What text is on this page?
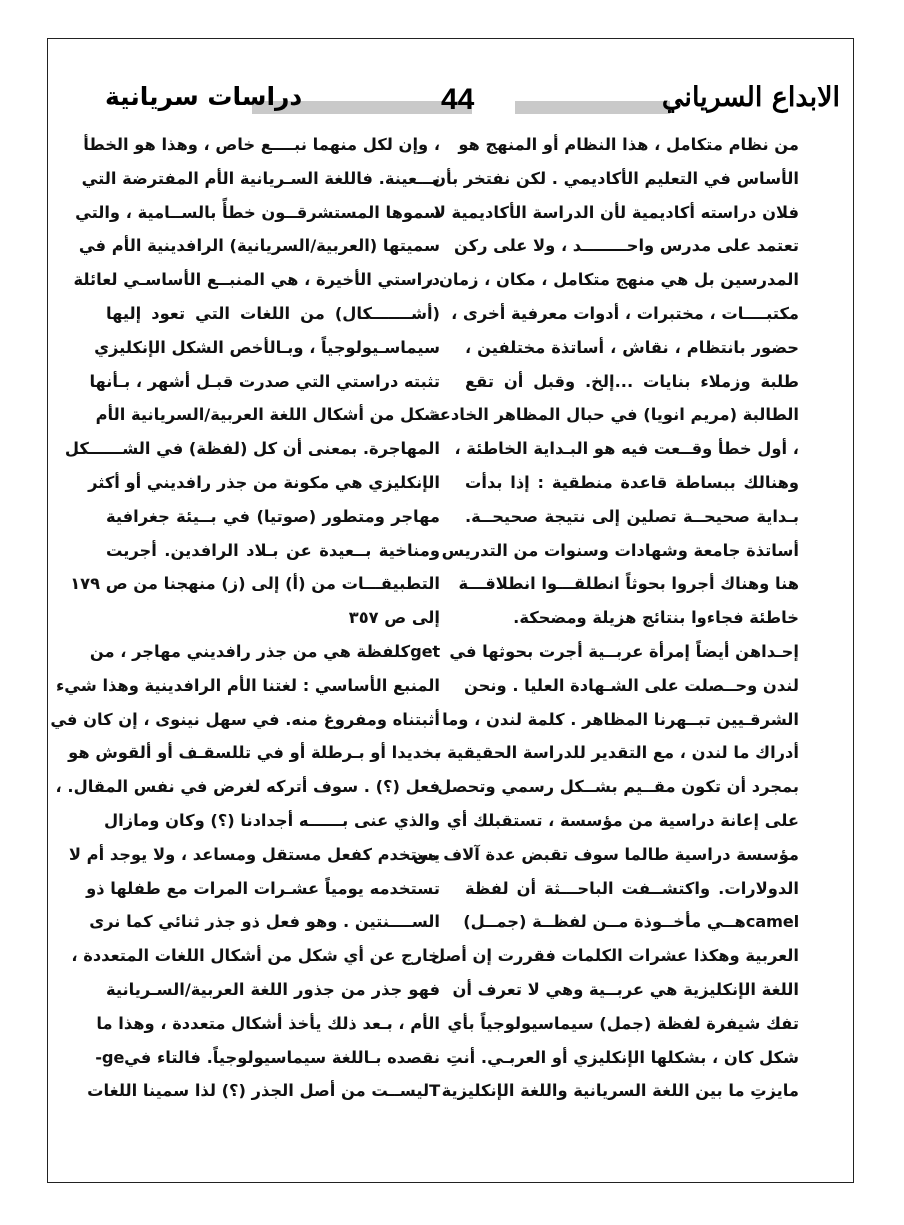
الابداع السرياني
44
دراسات سريانية
من نظام متكامل ، هذا النظام أو المنهج هو
الأساس في التعليم الأكاديمي . لكن نفتخر بأن
فلان دراسته أكاديمية لأن الدراسة الأكاديمية لا
تعتمد على مدرس واحــــــــد ، ولا على ركن
المدرسين بل هي منهج متكامل ، مكان ، زمان ،
مكتبــــات ، مختبرات ، أدوات معرفية أخرى ،
حضور بانتظام ، نقاش ، أساتذة مختلفين ،
طلبة وزملاء بنايات ...إلخ. وقبل أن تقع
الطالبة (مريم انويا) في حبال المظاهر الخادعة
، أول خطأ وقــعت فيه هو البـداية الخاطئة ،
وهنالك ببساطة قاعدة منطقية : إذا بدأت
بـداية صحيحــة تصلين إلى نتيجة صحيحــة.
أساتذة جامعة وشهادات وسنوات من التدريس
هنا وهناك أجروا بحوثاً انطلقـــوا انطلاقـــة
خاطئة فجاءوا بنتائج هزيلة ومضحكة.
إحـداهن أيضاً إمرأة عربــية أجرت بحوثها في
لندن وحــصلت على الشـهادة العليا . ونحن
الشرقـيين تبــهرنا المظاهر . كلمة لندن ، وما
أدراك ما لندن ، مع التقدير للدراسة الحقيقية ،
بمجرد أن تكون مقــيم بشــكل رسمي وتحصل
على إعانة دراسية من مؤسسة ، تستقبلك أي
مؤسسة دراسية طالما سوف تقبض عدة آلاف من
الدولارات. واكتشــفت الباحـــثة أن لفظة
camelهــي مأخــوذة مــن لفظــة (جمــل)
العربية وهكذا عشرات الكلمات فقررت إن أصل
اللغة الإنكليزية هي عربــية وهي لا تعرف أن
تفك شيفرة لفظة (جمل) سيماسيولوجياً بأي
شكل كان ، بشكلها الإنكليزي أو العربـي. أنتِ
مايزتِ ما بين اللغة السريانية واللغة الإنكليزية
، وإن لكل منهما نبــــع خاص ، وهذا هو الخطأ
بـــعينة. فاللغة السـريانية الأم المفترضة التي
سموها المستشرقــون خطأً بالســامية ، والتي
سميتها (العربية/السريانية) الرافدينية الأم في
دراستي الأخيرة ، هي المنبــع الأساسـي لعائلة
(أشـــــــكال) من اللغات التي تعود إليها
سيماسـيولوجياً ، وبـالأخص الشكل الإنكليزي
تثبته دراستي التي صدرت قبـل أشهر ، بـأنها
شكل من أشكال اللغة العربية/السريانية الأم
المهاجرة. بمعنى أن كل (لفظة) في الشــــــكل
الإنكليزي هي مكونة من جذر رافديني أو أكثر
مهاجر ومتطور (صوتيا) في بــيئة جغرافية
ومناخية بــعيدة عن بـلاد الرافدين. أجريت
التطبيقـــات من (أ) إلى (ز) منهجنا من ص ١٧٩
إلى ص ٣٥٧
getكلفظة هي من جذر رافديني مهاجر ، من
المنبع الأساسي : لغتنا الأم الرافدينية وهذا شيء
أثبتناه ومفروغ منه. في سهل نينوى ، إن كان في
بخديدا أو بـرطلة أو في تللسقـف أو ألقوش هو
فعل (؟) . سوف أتركه لغرض في نفس المقال. ،
والذي عنى بــــــه أجدادنا (؟) وكان ومازال
يستخدم كفعل مستقل ومساعد ، ولا يوجد أم لا
تستخدمه يومياً عشـرات المرات مع طفلها ذو
الســــنتين . وهو فعل ذو جذر ثنائي كما نرى
خارج عن أي شكل من أشكال اللغات المتعددة ،
فهو جذر من جذور اللغة العربية/السـريانية
الأم ، بـعد ذلك يأخذ أشكال متعددة ، وهذا ما
نقصده بـاللغة سيماسيولوجياً. فالتاء فيge-
Tليســت من أصل الجذر (؟) لذا سمينا اللغات
